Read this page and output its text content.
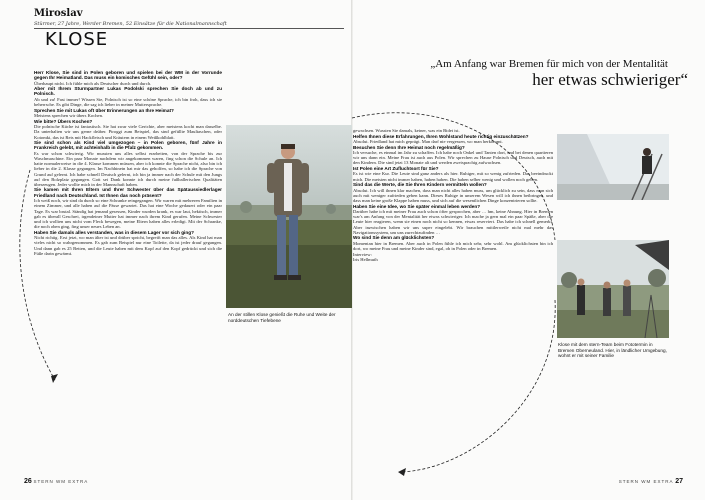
Miroslav
Stürmer, 27 Jahre, Werder Bremen, 52 Einsätze für die Nationalmannschaft
KLOSE
„Am Anfang war Bremen für mich von der Mentalität
her etwas schwieriger“

Herr Klose, Sie sind in Polen geboren und spielen bei der WM in der Vorrunde gegen Ihr Heimatland. Das muss ein komisches Gefühl sein, oder?

Überhaupt nicht. Ich fühle mich als Deutscher durch und durch.

Aber mit Ihrem Sturmpartner Lukas Podolski sprechen Sie doch ab und zu Polnisch.

Ab und zu! Fast immer! Wissen Sie, Polnisch ist so eine schöne Sprache, ich bin froh, dass ich sie beherrsche. Es gibt Dinge, die sag ich lieber in meiner Muttersprache.

Sprechen Sie mit Lukas oft über Erinnerungen an Ihre Heimat?

Meistens sprechen wir übers Kochen.

Wie bitte? Übers Kochen?

Die polnische Küche ist fantastisch. Sie hat zwar viele Gerichte, aber meistens kocht man dasselbe. Da unterhalten wir uns gerne drüber. Piroggi zum Beispiel, das sind gefüllte Maultaschen, oder Kotomki, das ist Reis mit Hackfleisch und Kräutern in einem Weißkohlblatt.

Sie sind schon als Kind viel umgezogen – in Polen geboren, fünf Jahre in Frankreich gelebt, mit achteinhalb in die Pfalz gekommen.

Es war schon schwierig. Wir mussten uns alles selbst erarbeiten, von der Sprache bis zur Waschmaschine. Ein paar Monate nachdem wir angekommen waren, fing schon die Schule an. Ich hatte normalerweise in die 4. Klasse kommen müssen, aber ich konnte die Sprache nicht, also bin ich lieber in die 2. Klasse gegangen. Im Nachhinein hat mir das geholfen, so habe ich die Sprache von Grund auf gelernt. Ich habe schnell Deutsch gelernt, ich bin ja immer nach der Schule mit den Jungs auf den Bolzplatz gegangen. Gott sei Dank konnte ich durch meine fußballerischen Qualitäten überzeugen. Jeder wollte mich in der Mannschaft haben.

Sie kamen mit Ihren Eltern und Ihrer Schwester über das Spätaussiedlerlager Friedland nach Deutschland. Ist Ihnen das noch präsent?

Ich weiß noch, wir sind da durch so eine Schranke reingegangen. Wir waren mit mehreren Familien in einem Zimmer, und alle haben auf die Pässe gewartet. Das hat eine Woche gedauert oder ein paar Tage. Es war brutal. Ständig hat jemand gesessen, Kinder wurden krank, es war laut, hektisch, immer gab es überall Geschrei, irgendeiner Mutter hat immer nach ihrem Kind gerufen. Meine Schwester und ich wollten uns nicht vom Fleck bewegen, meine Eltern haben alles erledigt. Mit der Schranke, die noch oben ging, fing unser neues Leben an.

Haben Sie damals alles verstanden, was in diesem Lager vor sich ging?

Nicht richtig. Erst jetzt, wo man älter ist und drüber spricht, begreift man das alles. Als Kind hat man vieles nicht so wahrgenommen. Es gab zum Beispiel nur eine Toilette, da ist jeder drauf gegangen. Und dann gab es 25 Betten, und die Leute haben mit dem Kopf auf den Kopf gedrückt und sich die Füße darin gewärmt.

An der stillen Klose genießt die Ruhe und Weite der norddeutschen Tiefebene

gewachsen. Wussten Sie damals, keiner, was ein Bidet ist.

Helfen Ihnen diese Erfahrungen, Ihren Wohlstand heute richtig einzuschätzen?

Absolut. Friedland hat mich geprägt. Man darf nie vergessen, wo man herkommt.

Besuchen Sie denn Ihre Heimat noch regelmäßig?

Ich versuche, es einmal im Jahr zu schaffen. Ich habe noch Onkel und Tanten dort, und bei denen quartieren wir uns dann ein. Meine Frau ist auch aus Polen. Wir sprechen zu Hause Polnisch und Deutsch, auch mit den Kindern. Die sind jetzt 13 Monate alt und werden zweisprachig aufwachsen.

Ist Polen eine Art Zufluchtsort für Sie?

Es ist wie eine Kur. Die Leute sind ganz anders als hier. Ruhiger, mit so wenig zufrieden. Das beeindruckt mich. Die meisten nicht immer haben, haben haben. Die haben selber wenig und wollen noch geben.

Sind das die Werte, die Sie Ihren Kindern vermitteln wollen?

Absolut. Ich will ihnen klar machen, dass man nicht alles haben muss, um glücklich zu sein, dass man sich auch mit weniger zufrieden geben kann. Dieses Ruhige in unserem Wesen will ich ihnen beibringen, und dass man keine große Klappe haben muss, und sich auf die wesentlichen Dinge konzentrieren sollte.

Haben Sie eine Idee, wo Sie später einmal leben werden?

Darüber habe ich mit meiner Frau auch schon öfter gesprochen, aber … hm, keine Ahnung. Hier in Bremen war's am Anfang von der Mentalität her etwas schwieriger. Ich mache ja gern mal ein paar Späße, aber die Leute hier reagieren, wenn sie einen noch nicht so kennen, etwas reserviert. Das habe ich schnell gemerkt. Aber inzwischen haben wir uns super eingelebt. Wir brauchen mittlerweile nicht mal mehr das Navigationssystem, um uns zurechtzufinden …

Wo sind Sie denn am glücklichsten?

Momentan hier in Bremen. Aber auch in Polen fühle ich mich sehr, sehr wohl. Am glücklichsten bin ich dort, wo meine Frau und meine Kinder sind, egal, ob in Polen oder in Bremen.

Interview:

Iris Hellmuth

Klose mit dem stern-Team beim Fototermin in Bremen Oberneuland. Hier, in ländlicher Umgebung, wohnt er mit seiner Familie
26 STERN WM EXTRA	STERN WM EXTRA 27
